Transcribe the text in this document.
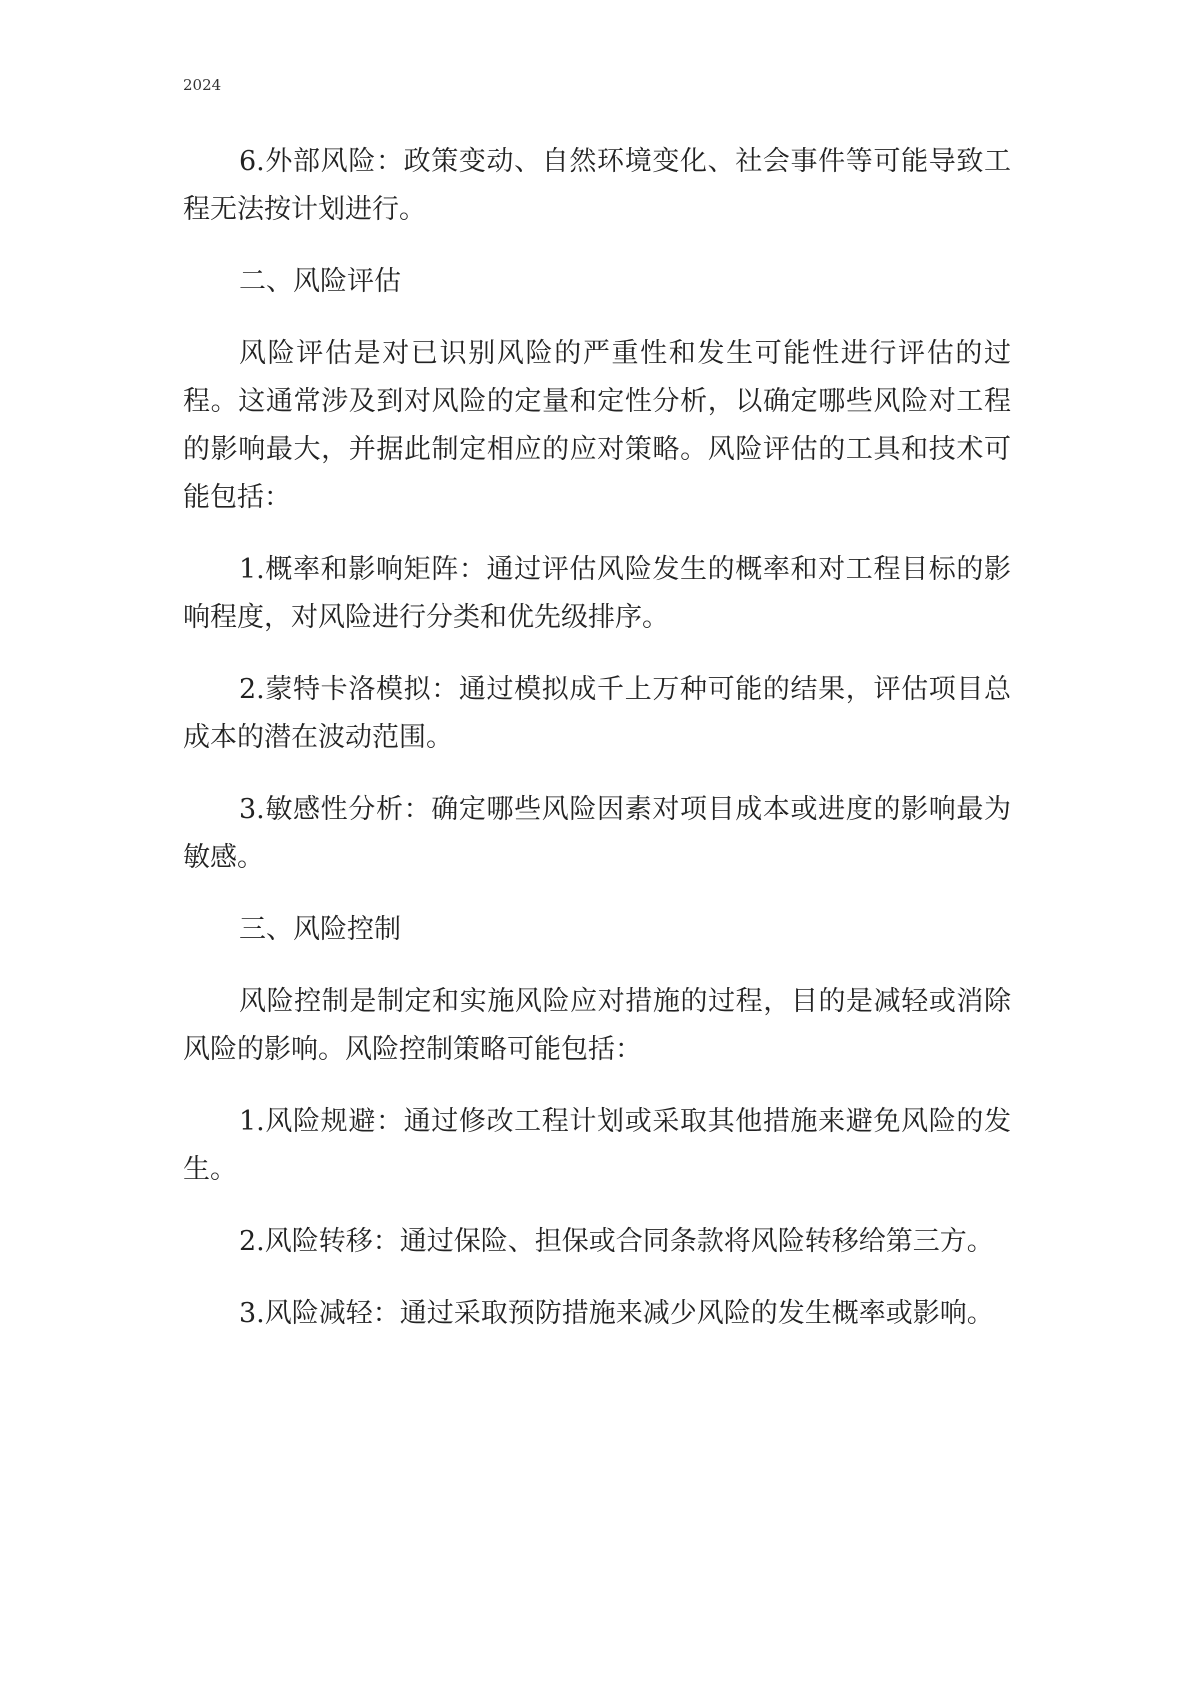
2024

6.外部风险：政策变动、自然环境变化、社会事件等可能导致工程无法按计划进行。

二、风险评估

风险评估是对已识别风险的严重性和发生可能性进行评估的过程。这通常涉及到对风险的定量和定性分析，以确定哪些风险对工程的影响最大，并据此制定相应的应对策略。风险评估的工具和技术可能包括：

1.概率和影响矩阵：通过评估风险发生的概率和对工程目标的影响程度，对风险进行分类和优先级排序。

2.蒙特卡洛模拟：通过模拟成千上万种可能的结果，评估项目总成本的潜在波动范围。

3.敏感性分析：确定哪些风险因素对项目成本或进度的影响最为敏感。

三、风险控制

风险控制是制定和实施风险应对措施的过程，目的是减轻或消除风险的影响。风险控制策略可能包括：

1.风险规避：通过修改工程计划或采取其他措施来避免风险的发生。

2.风险转移：通过保险、担保或合同条款将风险转移给第三方。

3.风险减轻：通过采取预防措施来减少风险的发生概率或影响。
